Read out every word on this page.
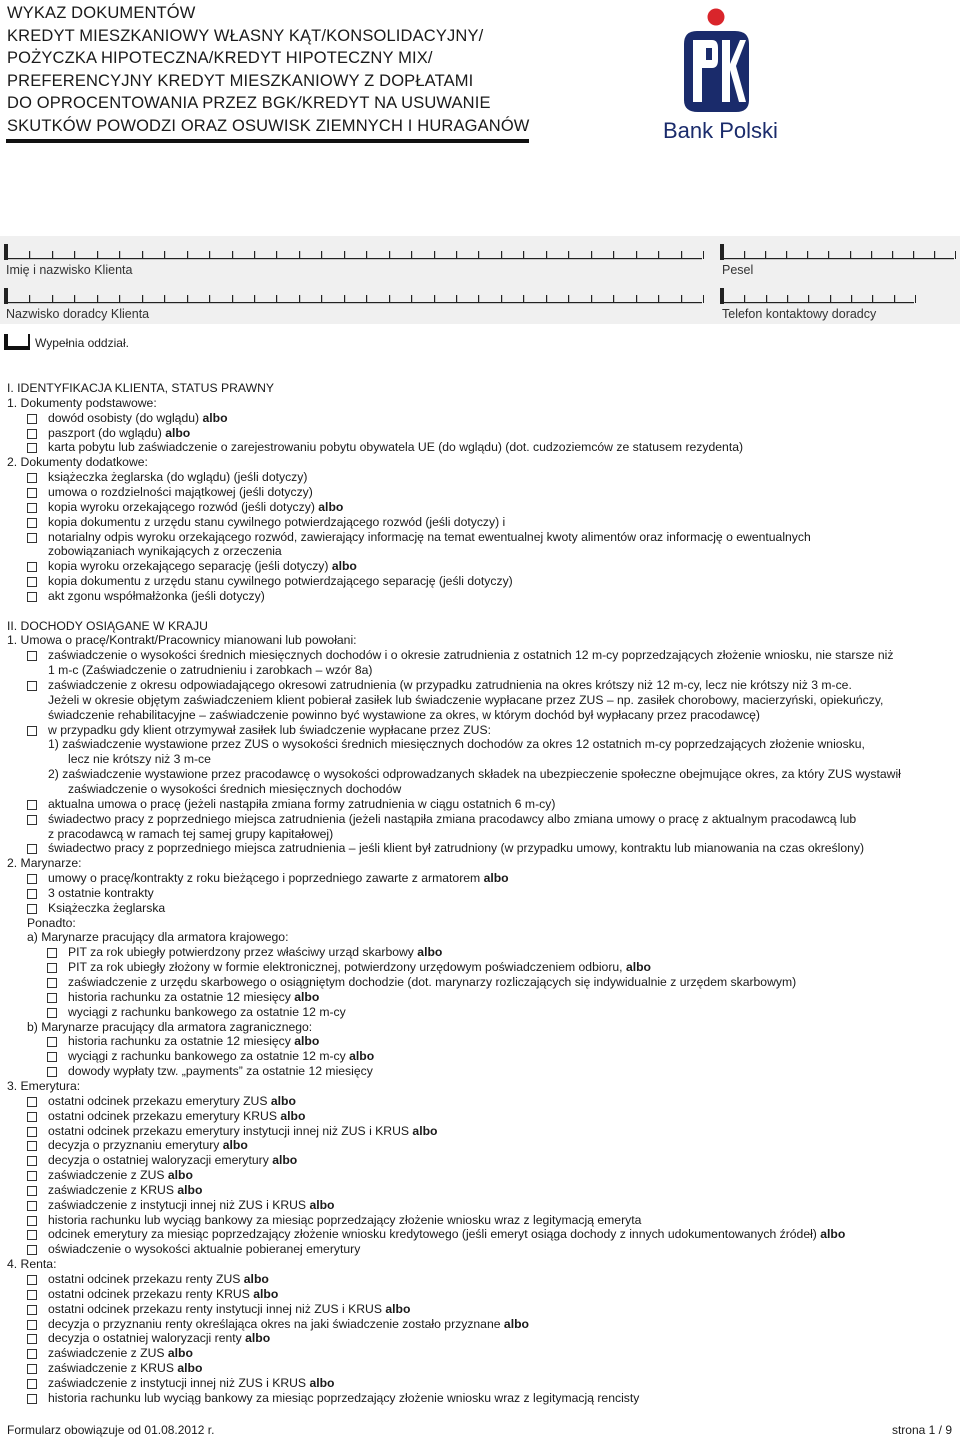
WYKAZ DOKUMENTÓW
KREDYT MIESZKANIOWY WŁASNY KĄT/KONSOLIDACYJNY/
POŻYCZKA HIPOTECZNA/KREDYT HIPOTECZNY MIX/
PREFERENCYJNY KREDYT MIESZKANIOWY Z DOPŁATAMI
DO OPROCENTOWANIA PRZEZ BGK/KREDYT NA USUWANIE
SKUTKÓW POWODZI ORAZ OSUWISK ZIEMNYCH I HURAGANÓW	Bank Polski
Imię i nazwisko Klienta	Pesel
Nazwisko doradcy Klienta	Telefon kontaktowy doradcy
Wypełnia oddział.
I. IDENTYFIKACJA KLIENTA, STATUS PRAWNY
1. Dokumenty podstawowe:
dowód osobisty (do wglądu) albo
paszport (do wglądu) albo
karta pobytu lub zaświadczenie o zarejestrowaniu pobytu obywatela UE (do wglądu) (dot. cudzoziemców ze statusem rezydenta)
2. Dokumenty dodatkowe:
książeczka żeglarska (do wglądu) (jeśli dotyczy)
umowa o rozdzielności majątkowej (jeśli dotyczy)
kopia wyroku orzekającego rozwód (jeśli dotyczy) albo
kopia dokumentu z urzędu stanu cywilnego potwierdzającego rozwód (jeśli dotyczy) i
notarialny odpis wyroku orzekającego rozwód, zawierający informację na temat ewentualnej kwoty alimentów oraz informację o ewentualnych
zobowiązaniach wynikających z orzeczenia
kopia wyroku orzekającego separację (jeśli dotyczy) albo
kopia dokumentu z urzędu stanu cywilnego potwierdzającego separację (jeśli dotyczy)
akt zgonu współmałżonka (jeśli dotyczy)
II. DOCHODY OSIĄGANE W KRAJU
1. Umowa o pracę/Kontrakt/Pracownicy mianowani lub powołani:
zaświadczenie o wysokości średnich miesięcznych dochodów i o okresie zatrudnienia z ostatnich 12 m-cy poprzedzających złożenie wniosku, nie starsze niż
1 m-c (Zaświadczenie o zatrudnieniu i zarobkach – wzór 8a)
zaświadczenie z okresu odpowiadającego okresowi zatrudnienia (w przypadku zatrudnienia na okres krótszy niż 12 m-cy, lecz nie krótszy niż 3 m-ce.
Jeżeli w okresie objętym zaświadczeniem klient pobierał zasiłek lub świadczenie wypłacane przez ZUS – np. zasiłek chorobowy, macierzyński, opiekuńczy,
świadczenie rehabilitacyjne – zaświadczenie powinno być wystawione za okres, w którym dochód był wypłacany przez pracodawcę)
w przypadku gdy klient otrzymywał zasiłek lub świadczenie wypłacane przez ZUS:
1) zaświadczenie wystawione przez ZUS o wysokości średnich miesięcznych dochodów za okres 12 ostatnich m-cy poprzedzających złożenie wniosku,
lecz nie krótszy niż 3 m-ce
2) zaświadczenie wystawione przez pracodawcę o wysokości odprowadzanych składek na ubezpieczenie społeczne obejmujące okres, za który ZUS wystawił
zaświadczenie o wysokości średnich miesięcznych dochodów
aktualna umowa o pracę (jeżeli nastąpiła zmiana formy zatrudnienia w ciągu ostatnich 6 m-cy)
świadectwo pracy z poprzedniego miejsca zatrudnienia (jeżeli nastąpiła zmiana pracodawcy albo zmiana umowy o pracę z aktualnym pracodawcą lub
z pracodawcą w ramach tej samej grupy kapitałowej)
świadectwo pracy z poprzedniego miejsca zatrudnienia – jeśli klient był zatrudniony (w przypadku umowy, kontraktu lub mianowania na czas określony)
2. Marynarze:
umowy o pracę/kontrakty z roku bieżącego i poprzedniego zawarte z armatorem albo
3 ostatnie kontrakty
Książeczka żeglarska
Ponadto:
a) Marynarze pracujący dla armatora krajowego:
PIT za rok ubiegły potwierdzony przez właściwy urząd skarbowy albo
PIT za rok ubiegły złożony w formie elektronicznej, potwierdzony urzędowym poświadczeniem odbioru, albo
zaświadczenie z urzędu skarbowego o osiągniętym dochodzie (dot. marynarzy rozliczających się indywidualnie z urzędem skarbowym)
historia rachunku za ostatnie 12 miesięcy albo
wyciągi z rachunku bankowego za ostatnie 12 m-cy
b) Marynarze pracujący dla armatora zagranicznego:
historia rachunku za ostatnie 12 miesięcy albo
wyciągi z rachunku bankowego za ostatnie 12 m-cy albo
dowody wypłaty tzw. „payments” za ostatnie 12 miesięcy
3. Emerytura:
ostatni odcinek przekazu emerytury ZUS albo
ostatni odcinek przekazu emerytury KRUS albo
ostatni odcinek przekazu emerytury instytucji innej niż ZUS i KRUS albo
decyzja o przyznaniu emerytury albo
decyzja o ostatniej waloryzacji emerytury albo
zaświadczenie z ZUS albo
zaświadczenie z KRUS albo
zaświadczenie z instytucji innej niż ZUS i KRUS albo
historia rachunku lub wyciąg bankowy za miesiąc poprzedzający złożenie wniosku wraz z legitymacją emeryta
odcinek emerytury za miesiąc poprzedzający złożenie wniosku kredytowego (jeśli emeryt osiąga dochody z innych udokumentowanych źródeł) albo
oświadczenie o wysokości aktualnie pobieranej emerytury
4. Renta:
ostatni odcinek przekazu renty ZUS albo
ostatni odcinek przekazu renty KRUS albo
ostatni odcinek przekazu renty instytucji innej niż ZUS i KRUS albo
decyzja o przyznaniu renty określająca okres na jaki świadczenie zostało przyznane albo
decyzja o ostatniej waloryzacji renty albo
zaświadczenie z ZUS albo
zaświadczenie z KRUS albo
zaświadczenie z instytucji innej niż ZUS i KRUS albo
historia rachunku lub wyciąg bankowy za miesiąc poprzedzający złożenie wniosku wraz z legitymacją rencisty
Formularz obowiązuje od 01.08.2012 r.	strona 1 / 9
